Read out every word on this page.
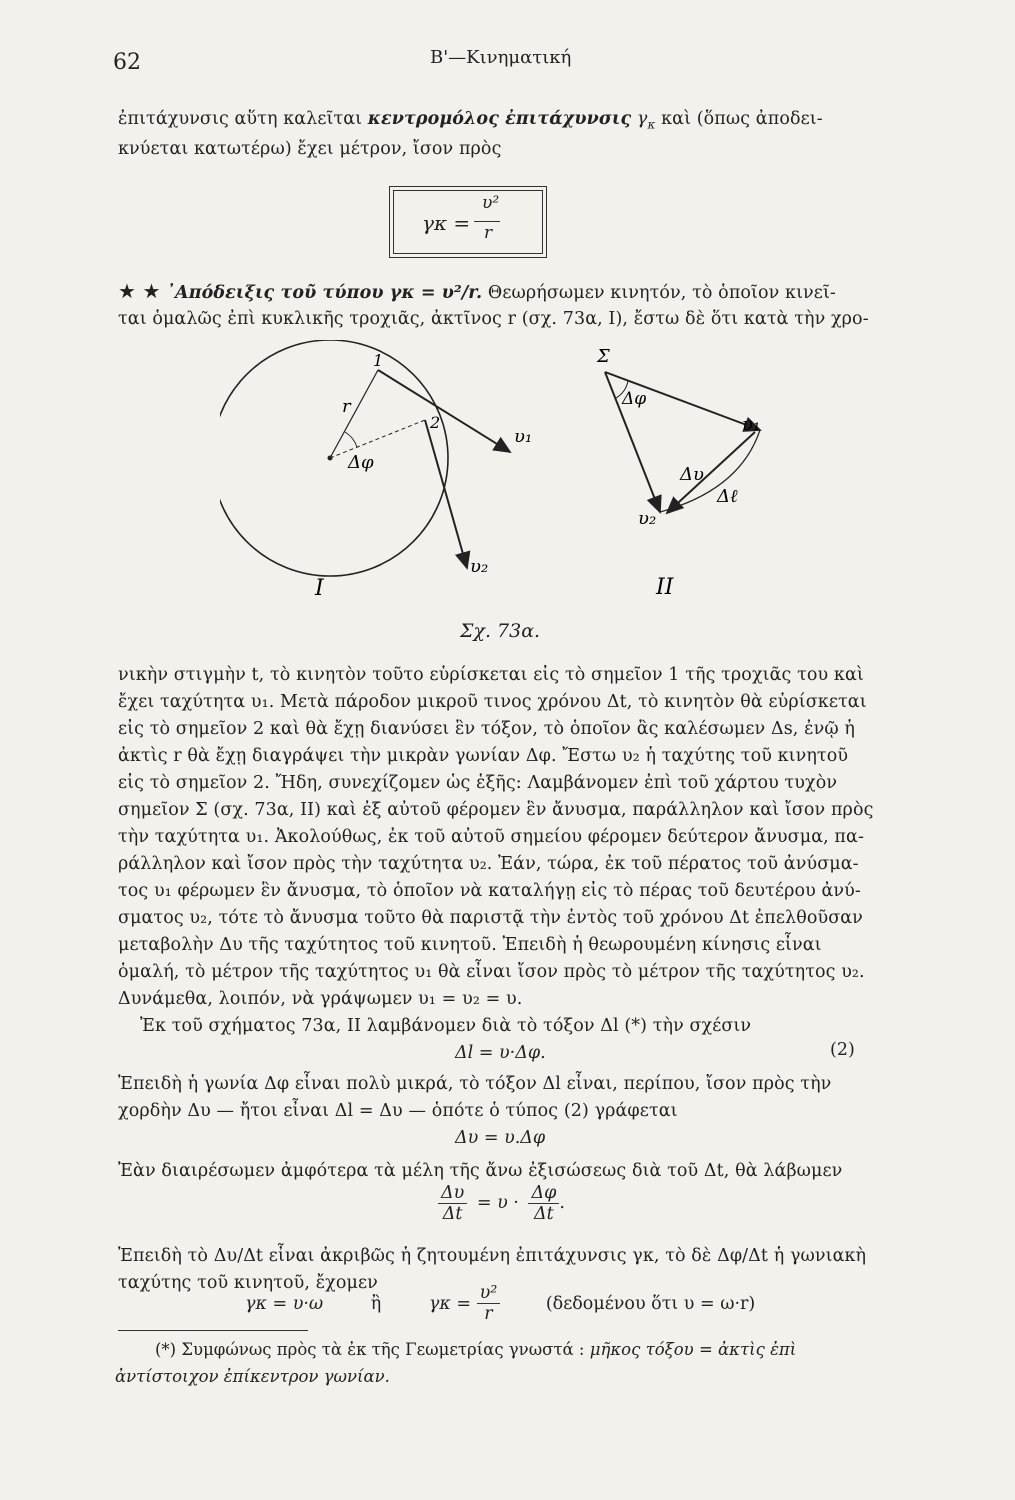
62	Β'—Κινηματική
ἐπιτάχυνσις αὕτη καλεῖται κεντρομόλος ἐπιτάχυνσις $\gamma_\kappa$ καὶ (ὅπως ἀποδει-
κνύεται κατωτέρω) ἔχει μέτρον, ἴσον πρὸς
γκ =
υ²
r
★ ★ ᾿Απόδειξις τοῦ τύπου γκ = υ²/r. Θεωρήσωμεν κινητόν, τὸ ὁποῖον κινεῖ-
ται ὁμαλῶς ἐπὶ κυκλικῆς τροχιᾶς, ἀκτῖνος r (σχ. 73α, I), ἔστω δὲ ὅτι κατὰ τὴν χρο-
1
2
r
Δφ
υ₁
υ₂
I
Σ
Δφ
υ₁
Δυ
Δℓ
υ₂
II
Σχ. 73α.
νικὴν στιγμὴν t, τὸ κινητὸν τοῦτο εὑρίσκεται εἰς τὸ σημεῖον 1 τῆς τροχιᾶς του καὶ
ἔχει ταχύτητα υ₁. Μετὰ πάροδον μικροῦ τινος χρόνου Δt, τὸ κινητὸν θὰ εὑρίσκεται
εἰς τὸ σημεῖον 2 καὶ θὰ ἔχῃ διανύσει ἓν τόξον, τὸ ὁποῖον ἂς καλέσωμεν Δs, ἐνῷ ἡ
ἀκτὶς r θὰ ἔχῃ διαγράψει τὴν μικρὰν γωνίαν Δφ. Ἔστω υ₂ ἡ ταχύτης τοῦ κινητοῦ
εἰς τὸ σημεῖον 2. Ἤδη, συνεχίζομεν ὡς ἑξῆς: Λαμβάνομεν ἐπὶ τοῦ χάρτου τυχὸν
σημεῖον Σ (σχ. 73α, II) καὶ ἐξ αὐτοῦ φέρομεν ἓν ἄνυσμα, παράλληλον καὶ ἴσον πρὸς
τὴν ταχύτητα υ₁. Ἀκολούθως, ἐκ τοῦ αὐτοῦ σημείου φέρομεν δεύτερον ἄνυσμα, πα-
ράλληλον καὶ ἴσον πρὸς τὴν ταχύτητα υ₂. Ἐάν, τώρα, ἐκ τοῦ πέρατος τοῦ ἀνύσμα-
τος υ₁ φέρωμεν ἓν ἄνυσμα, τὸ ὁποῖον νὰ καταλήγῃ εἰς τὸ πέρας τοῦ δευτέρου ἀνύ-
σματος υ₂, τότε τὸ ἄνυσμα τοῦτο θὰ παριστᾷ τὴν ἐντὸς τοῦ χρόνου Δt ἐπελθοῦσαν
μεταβολὴν Δυ τῆς ταχύτητος τοῦ κινητοῦ. Ἐπειδὴ ἡ θεωρουμένη κίνησις εἶναι
ὁμαλή, τὸ μέτρον τῆς ταχύτητος υ₁ θὰ εἶναι ἴσον πρὸς τὸ μέτρον τῆς ταχύτητος υ₂.
Δυνάμεθα, λοιπόν, νὰ γράψωμεν υ₁ = υ₂ = υ.
Ἐκ τοῦ σχήματος 73α, II λαμβάνομεν διὰ τὸ τόξον Δl (*) τὴν σχέσιν
Δl = υ·Δφ.	(2)
Ἐπειδὴ ἡ γωνία Δφ εἶναι πολὺ μικρά, τὸ τόξον Δl εἶναι, περίπου, ἴσον πρὸς τὴν
χορδὴν Δυ — ἤτοι εἶναι Δl = Δυ — ὁπότε ὁ τύπος (2) γράφεται
Δυ = υ.Δφ
Ἐὰν διαιρέσωμεν ἀμφότερα τὰ μέλη τῆς ἄνω ἐξισώσεως διὰ τοῦ Δt, θὰ λάβωμεν
$\frac{\Delta\upsilon}{\Delta t} = \upsilon \cdot \frac{\Delta\varphi}{\Delta t}$ .
Ἐπειδὴ τὸ Δυ/Δt εἶναι ἀκριβῶς ἡ ζητουμένη ἐπιτάχυνσις γκ, τὸ δὲ Δφ/Δt ἡ γωνιακὴ
ταχύτης τοῦ κινητοῦ, ἔχομεν
γκ = υ·ω	ἢ	$\gamma\kappa = \frac{\text{υ²}}{r}$	(δεδομένου ὅτι υ = ω·r)
(*) Συμφώνως πρὸς τὰ ἐκ τῆς Γεωμετρίας γνωστά : μῆκος τόξου = ἀκτὶς ἐπὶ
ἀντίστοιχον ἐπίκεντρον γωνίαν.
